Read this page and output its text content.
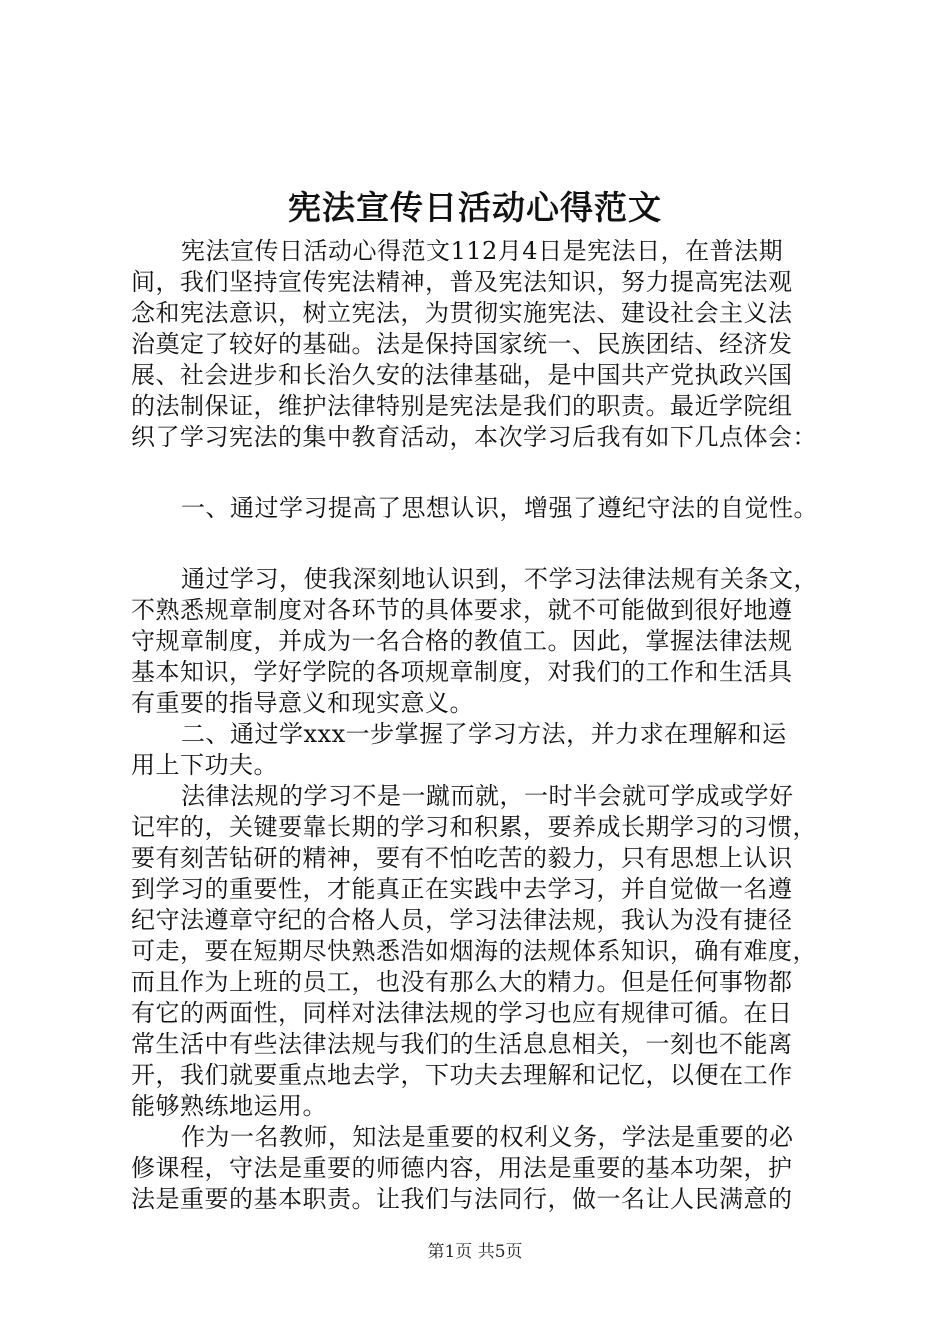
宪法宣传日活动心得范文
宪法宣传日活动心得范文112月4日是宪法日，在普法期
间，我们坚持宣传宪法精神，普及宪法知识，努力提高宪法观
念和宪法意识，树立宪法，为贯彻实施宪法、建设社会主义法
治奠定了较好的基础。法是保持国家统一、民族团结、经济发
展、社会进步和长治久安的法律基础，是中国共产党执政兴国
的法制保证，维护法律特别是宪法是我们的职责。最近学院组
织了学习宪法的集中教育活动，本次学习后我有如下几点体会：
一、通过学习提高了思想认识，增强了遵纪守法的自觉性。
通过学习，使我深刻地认识到，不学习法律法规有关条文，
不熟悉规章制度对各环节的具体要求，就不可能做到很好地遵
守规章制度，并成为一名合格的教值工。因此，掌握法律法规
基本知识，学好学院的各项规章制度，对我们的工作和生活具
有重要的指导意义和现实意义。
二、通过学xxx一步掌握了学习方法，并力求在理解和运
用上下功夫。
法律法规的学习不是一蹴而就，一时半会就可学成或学好
记牢的，关键要靠长期的学习和积累，要养成长期学习的习惯，
要有刻苦钻研的精神，要有不怕吃苦的毅力，只有思想上认识
到学习的重要性，才能真正在实践中去学习，并自觉做一名遵
纪守法遵章守纪的合格人员，学习法律法规，我认为没有捷径
可走，要在短期尽快熟悉浩如烟海的法规体系知识，确有难度，
而且作为上班的员工，也没有那么大的精力。但是任何事物都
有它的两面性，同样对法律法规的学习也应有规律可循。在日
常生活中有些法律法规与我们的生活息息相关，一刻也不能离
开，我们就要重点地去学，下功夫去理解和记忆，以便在工作
能够熟练地运用。
作为一名教师，知法是重要的权利义务，学法是重要的必
修课程，守法是重要的师德内容，用法是重要的基本功架，护
法是重要的基本职责。让我们与法同行，做一名让人民满意的
第1页 共5页
